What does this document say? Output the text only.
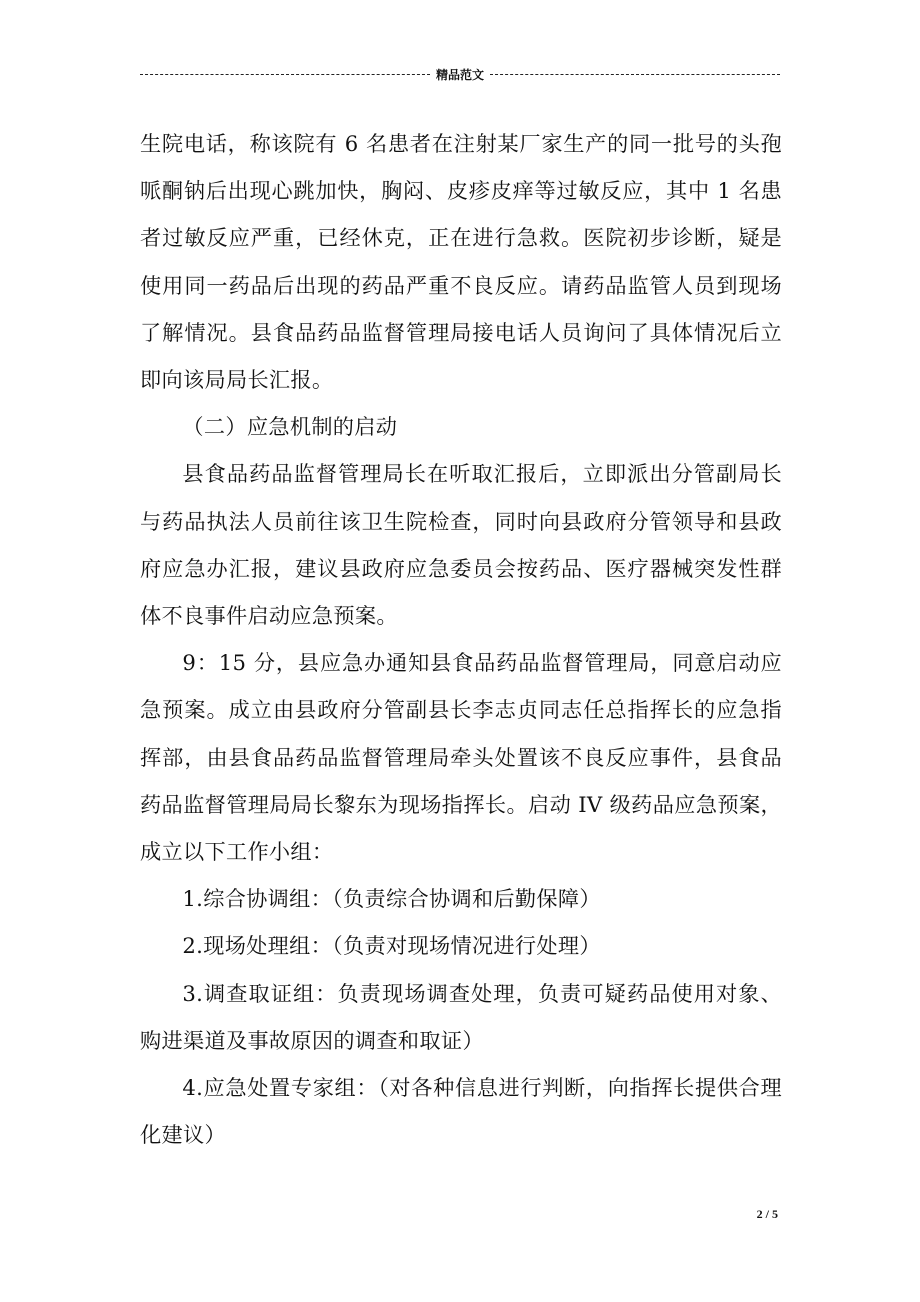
精品范文

生院电话，称该院有 6 名患者在注射某厂家生产的同一批号的头孢哌酮钠后出现心跳加快，胸闷、皮疹皮痒等过敏反应，其中 1 名患者过敏反应严重，已经休克，正在进行急救。医院初步诊断，疑是使用同一药品后出现的药品严重不良反应。请药品监管人员到现场了解情况。县食品药品监督管理局接电话人员询问了具体情况后立即向该局局长汇报。

（二）应急机制的启动

县食品药品监督管理局长在听取汇报后，立即派出分管副局长与药品执法人员前往该卫生院检查，同时向县政府分管领导和县政府应急办汇报，建议县政府应急委员会按药品、医疗器械突发性群体不良事件启动应急预案。

9：15 分，县应急办通知县食品药品监督管理局，同意启动应急预案。成立由县政府分管副县长李志贞同志任总指挥长的应急指挥部，由县食品药品监督管理局牵头处置该不良反应事件，县食品药品监督管理局局长黎东为现场指挥长。启动 IV 级药品应急预案，成立以下工作小组：

1.综合协调组：（负责综合协调和后勤保障）

2.现场处理组：（负责对现场情况进行处理）

3.调查取证组：负责现场调查处理，负责可疑药品使用对象、购进渠道及事故原因的调查和取证）

4.应急处置专家组：（对各种信息进行判断，向指挥长提供合理化建议）

2 / 5
